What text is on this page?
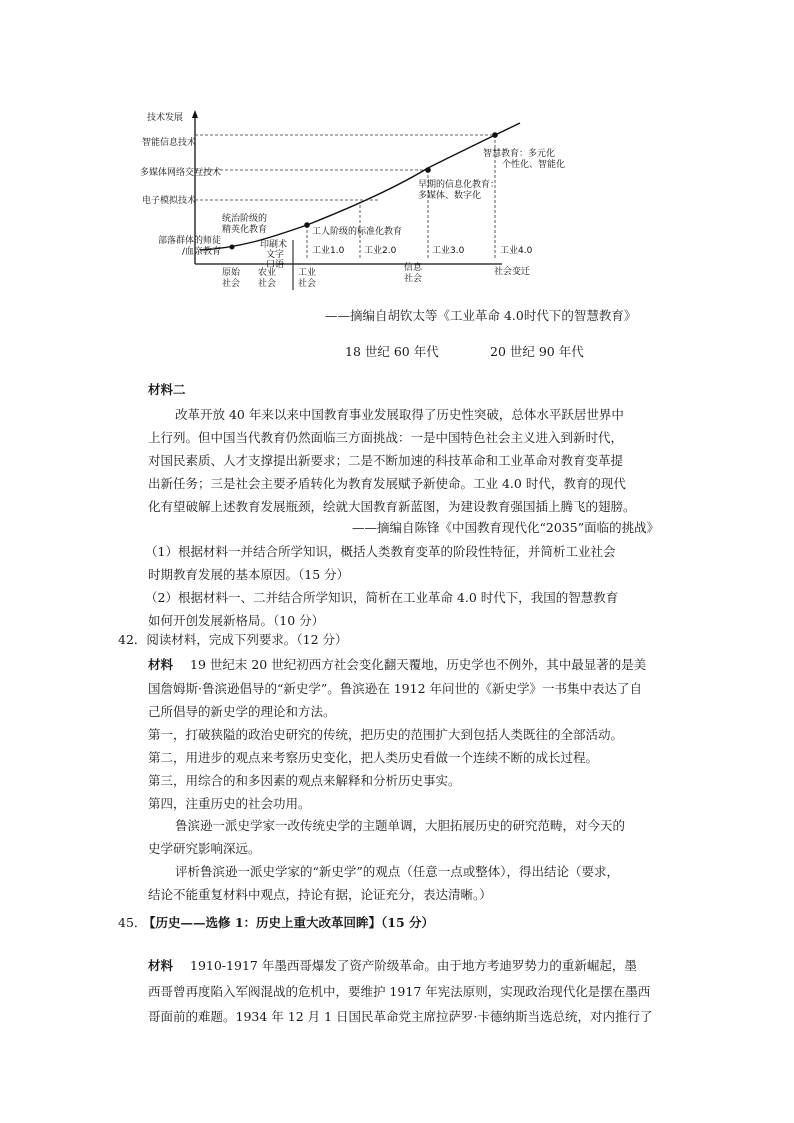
技术发展
智能信息技术
多媒体网络交互技术
电子模拟技术
统治阶级的
精英化教育
部落群体的师徒
/血亲教育
印刷术
文字
口语
工人阶级的标准化教育
早期的信息化教育：
多媒体、数字化
智慧教育：多元化
个性化、智能化
工业1.0 工业2.0	工业3.0	工业4.0
原始
社会
农业
社会
工业
社会
信息
社会
社会变迁
——摘编自胡钦太等《工业革命 4.0时代下的智慧教育》
18 世纪 60 年代	20 世纪 90 年代
材料二
改革开放 40 年来以来中国教育事业发展取得了历史性突破，总体水平跃居世界中
上行列。但中国当代教育仍然面临三方面挑战：一是中国特色社会主义进入到新时代，
对国民素质、人才支撑提出新要求；二是不断加速的科技革命和工业革命对教育变革提
出新任务；三是社会主要矛盾转化为教育发展赋予新使命。工业 4.0 时代，教育的现代
化有望破解上述教育发展瓶颈，绘就大国教育新蓝图，为建设教育强国插上腾飞的翅膀。
——摘编自陈锋《中国教育现代化“2035”面临的挑战》
（1）根据材料一并结合所学知识，概括人类教育变革的阶段性特征，并简析工业社会
时期教育发展的基本原因。（15 分）
（2）根据材料一、二并结合所学知识，简析在工业革命 4.0 时代下，我国的智慧教育
如何开创发展新格局。（10 分）
42．阅读材料，完成下列要求。（12 分）
材料 19 世纪末 20 世纪初西方社会变化翻天覆地，历史学也不例外，其中最显著的是美
国詹姆斯·鲁滨逊倡导的“新史学”。鲁滨逊在 1912 年问世的《新史学》一书集中表达了自
己所倡导的新史学的理论和方法。
第一，打破狭隘的政治史研究的传统，把历史的范围扩大到包括人类既往的全部活动。
第二，用进步的观点来考察历史变化，把人类历史看做一个连续不断的成长过程。
第三，用综合的和多因素的观点来解释和分析历史事实。
第四，注重历史的社会功用。
鲁滨逊一派史学家一改传统史学的主题单调，大胆拓展历史的研究范畴，对今天的
史学研究影响深远。
评析鲁滨逊一派史学家的“新史学”的观点（任意一点或整体），得出结论（要求，
结论不能重复材料中观点，持论有据，论证充分，表达清晰。）
45．
【历史——选修 1：历史上重大改革回眸】（15 分）
材料 1910-1917 年墨西哥爆发了资产阶级革命。由于地方考迪罗势力的重新崛起，墨
西哥曾再度陷入军阀混战的危机中，要维护 1917 年宪法原则，实现政治现代化是摆在墨西
哥面前的难题。1934 年 12 月 1 日国民革命党主席拉萨罗·卡德纳斯当选总统，对内推行了
